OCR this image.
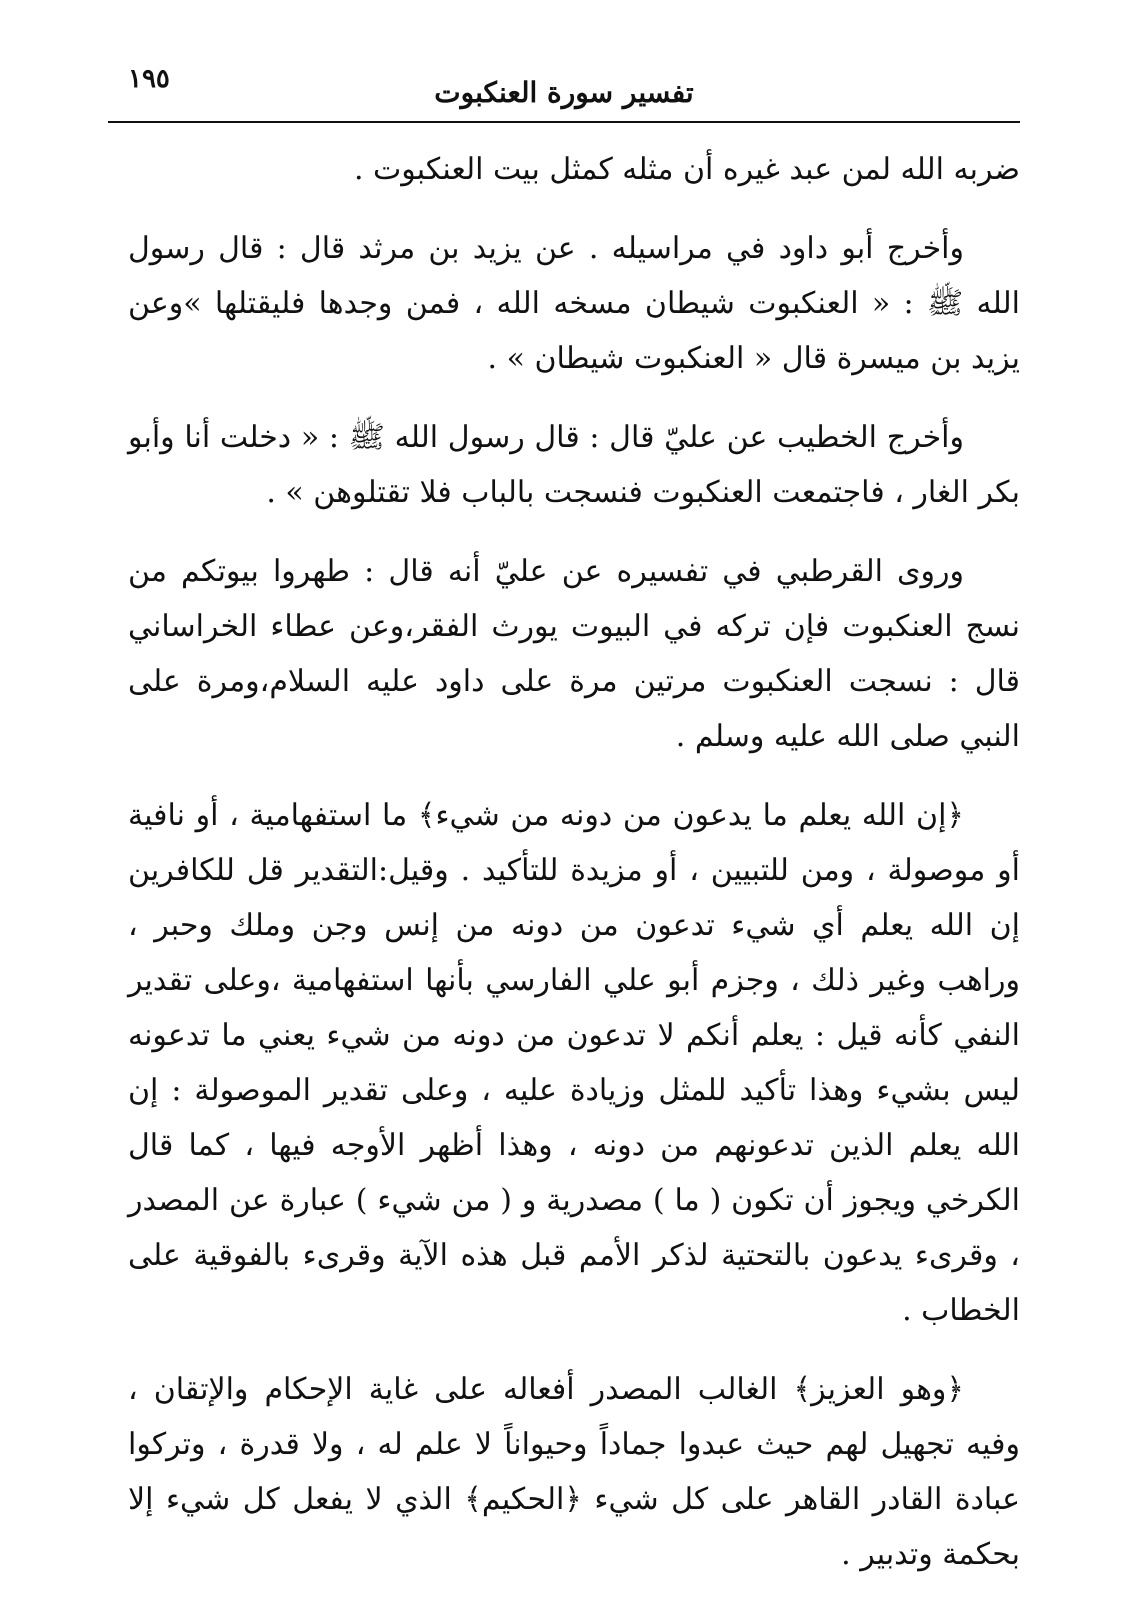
١٩٥	تفسير سورة العنكبوت

ضربه الله لمن عبد غيره أن مثله كمثل بيت العنكبوت .

وأخرج أبو داود في مراسيله . عن يزيد بن مرثد قال : قال رسول الله ﷺ : « العنكبوت شيطان مسخه الله ، فمن وجدها فليقتلها »وعن يزيد بن ميسرة قال « العنكبوت شيطان » .

وأخرج الخطيب عن عليّ قال : قال رسول الله ﷺ : « دخلت أنا وأبو بكر الغار ، فاجتمعت العنكبوت فنسجت بالباب فلا تقتلوهن » .

وروى القرطبي في تفسيره عن عليّ أنه قال : طهروا بيوتكم من نسج العنكبوت فإن تركه في البيوت يورث الفقر،وعن عطاء الخراساني قال : نسجت العنكبوت مرتين مرة على داود عليه السلام،ومرة على النبي صلى الله عليه وسلم .

﴿إن الله يعلم ما يدعون من دونه من شيء﴾ ما استفهامية ، أو نافية أو موصولة ، ومن للتبيين ، أو مزيدة للتأكيد . وقيل:التقدير قل للكافرين إن الله يعلم أي شيء تدعون من دونه من إنس وجن وملك وحبر ، وراهب وغير ذلك ، وجزم أبو علي الفارسي بأنها استفهامية ،وعلى تقدير النفي كأنه قيل : يعلم أنكم لا تدعون من دونه من شيء يعني ما تدعونه ليس بشيء وهذا تأكيد للمثل وزيادة عليه ، وعلى تقدير الموصولة : إن الله يعلم الذين تدعونهم من دونه ، وهذا أظهر الأوجه فيها ، كما قال الكرخي ويجوز أن تكون ( ما ) مصدرية و ( من شيء ) عبارة عن المصدر ، وقرىء يدعون بالتحتية لذكر الأمم قبل هذه الآية وقرىء بالفوقية على الخطاب .

﴿وهو العزيز﴾ الغالب المصدر أفعاله على غاية الإحكام والإتقان ، وفيه تجهيل لهم حيث عبدوا جماداً وحيواناً لا علم له ، ولا قدرة ، وتركوا عبادة القادر القاهر على كل شيء ﴿الحكيم﴾ الذي لا يفعل كل شيء إلا بحكمة وتدبير .
